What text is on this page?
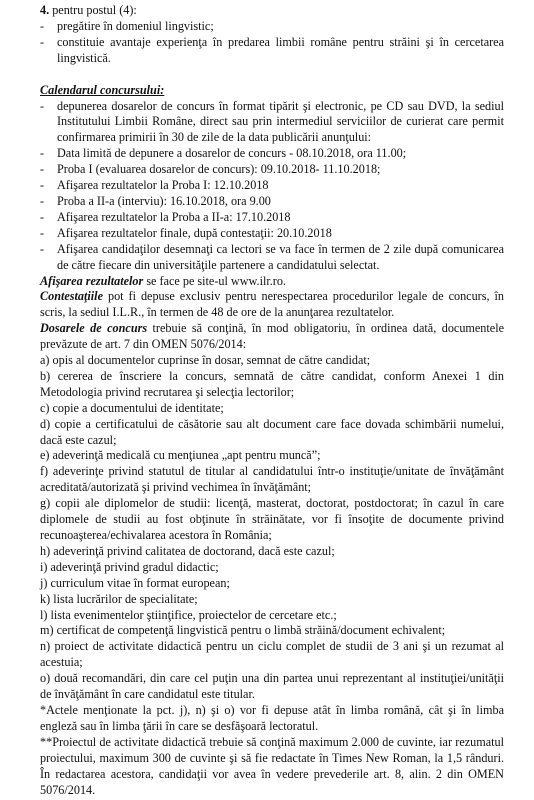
4. pentru postul (4):

-	pregătire în domeniul lingvistic;
-	constituie avantaje experienţa în predarea limbii române pentru străini şi în cercetarea lingvistică.

Calendarul concursului:

-	depunerea dosarelor de concurs în format tipărit şi electronic, pe CD sau DVD, la sediul Institutului Limbii Române, direct sau prin intermediul serviciilor de curierat care permit confirmarea primirii în 30 de zile de la data publicării anunţului:
-	Data limită de depunere a dosarelor de concurs - 08.10.2018, ora 11.00;
-	Proba I (evaluarea dosarelor de concurs): 09.10.2018- 11.10.2018;
-	Afişarea rezultatelor la Proba I: 12.10.2018
-	Proba a II-a (interviu): 16.10.2018, ora 9.00
-	Afişarea rezultatelor la Proba a II-a: 17.10.2018
-	Afişarea rezultatelor finale, după contestaţii: 20.10.2018
-	Afişarea candidaţilor desemnaţi ca lectori se va face în termen de 2 zile după comunicarea de către fiecare din universităţile partenere a candidatului selectat.

Afişarea rezultatelor se face pe site-ul www.ilr.ro.

Contestaţiile pot fi depuse exclusiv pentru nerespectarea procedurilor legale de concurs, în scris, la sediul I.L.R., în termen de 48 de ore de la anunţarea rezultatelor.

Dosarele de concurs trebuie să conţină, în mod obligatoriu, în ordinea dată, documentele prevăzute de art. 7 din OMEN 5076/2014:

a) opis al documentelor cuprinse în dosar, semnat de către candidat;

b) cererea de înscriere la concurs, semnată de către candidat, conform Anexei 1 din Metodologia privind recrutarea şi selecţia lectorilor;

c) copie a documentului de identitate;

d) copie a certificatului de căsătorie sau alt document care face dovada schimbării numelui, dacă este cazul;

e) adeverinţă medicală cu menţiunea „apt pentru muncă”;

f) adeverinţe privind statutul de titular al candidatului într-o instituţie/unitate de învăţământ acreditată/autorizată şi privind vechimea în învăţământ;

g) copii ale diplomelor de studii: licenţă, masterat, doctorat, postdoctorat; în cazul în care diplomele de studii au fost obţinute în străinătate, vor fi însoţite de documente privind recunoaşterea/echivalarea acestora în România;

h) adeverinţă privind calitatea de doctorand, dacă este cazul;

i) adeverinţă privind gradul didactic;

j) curriculum vitae în format european;

k) lista lucrărilor de specialitate;

l) lista evenimentelor ştiinţifice, proiectelor de cercetare etc.;

m) certificat de competenţă lingvistică pentru o limbă străină/document echivalent;

n) proiect de activitate didactică pentru un ciclu complet de studii de 3 ani şi un rezumat al acestuia;

o) două recomandări, din care cel puţin una din partea unui reprezentant al instituţiei/unităţii de învăţământ în care candidatul este titular.

*Actele menţionate la pct. j), n) şi o) vor fi depuse atât în limba română, cât şi în limba engleză sau în limba ţării în care se desfăşoară lectoratul.

**Proiectul de activitate didactică trebuie să conţină maximum 2.000 de cuvinte, iar rezumatul proiectului, maximum 300 de cuvinte şi să fie redactate în Times New Roman, la 1,5 rânduri. În redactarea acestora, candidaţii vor avea în vedere prevederile art. 8, alin. 2 din OMEN 5076/2014.
